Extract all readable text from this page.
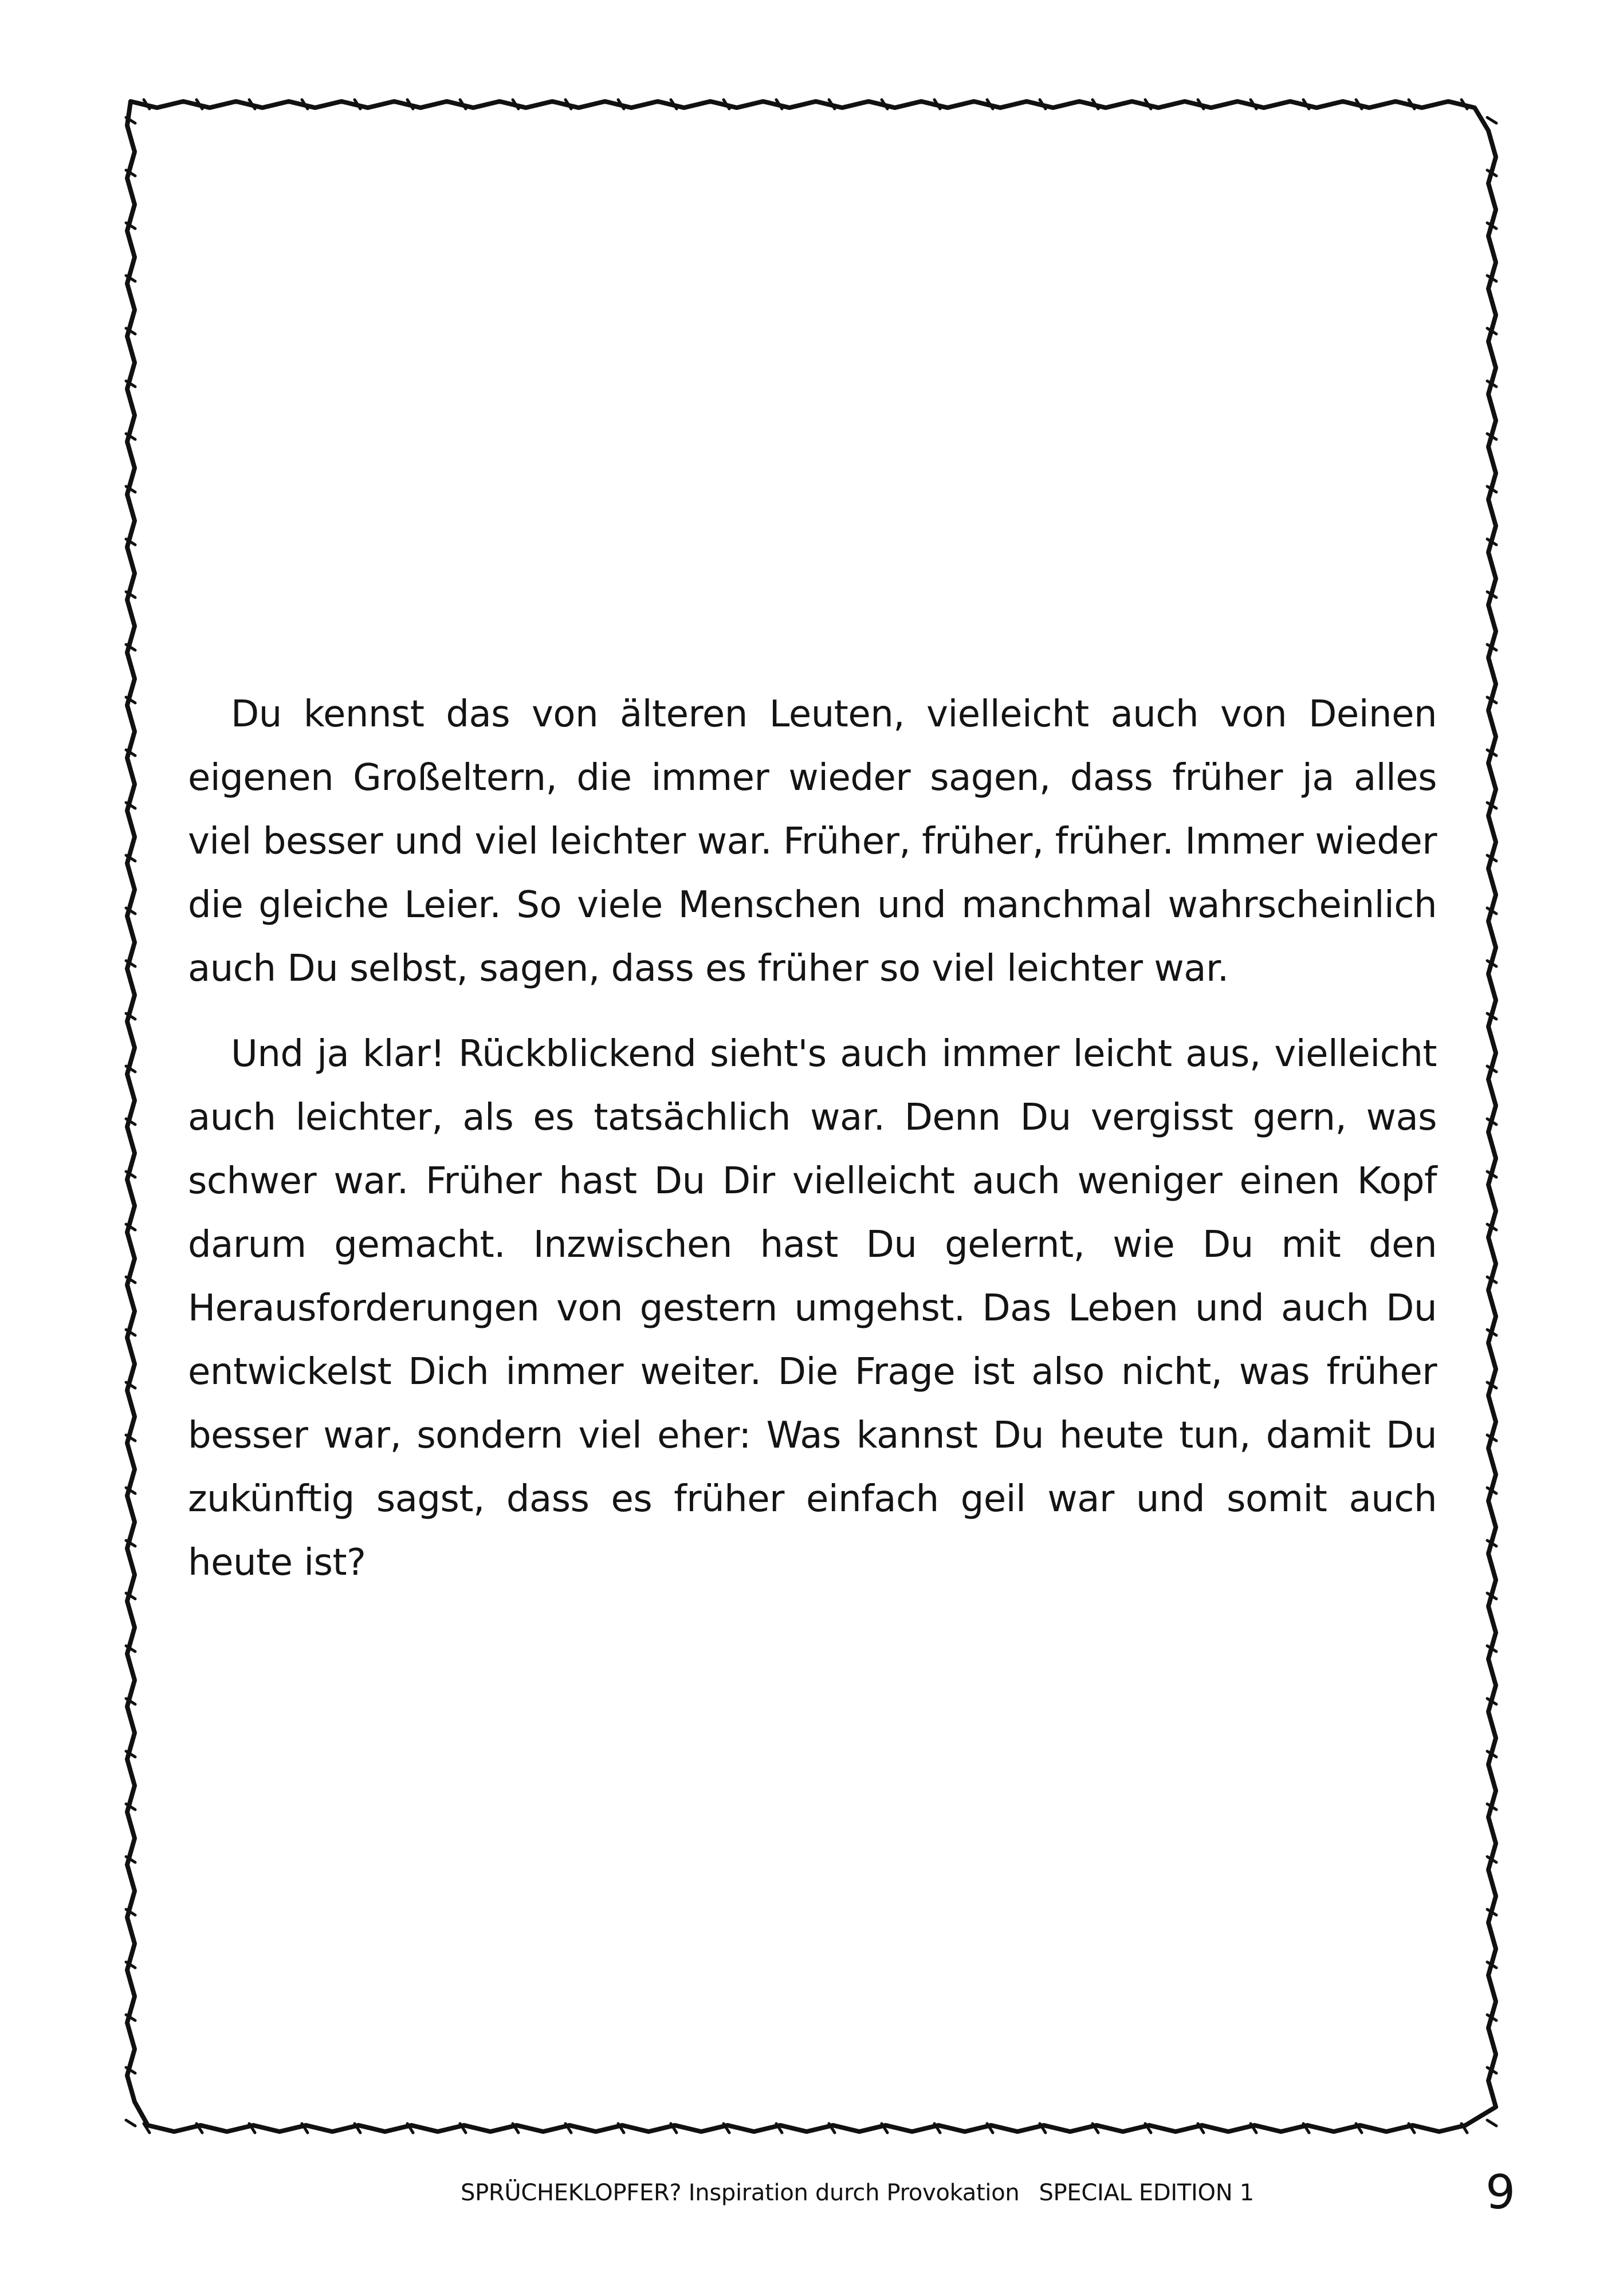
Du kennst das von älteren Leuten, vielleicht auch von Deinen eigenen Großeltern, die immer wieder sagen, dass früher ja alles viel besser und viel leichter war. Früher, früher, früher. Immer wieder die gleiche Leier. So viele Menschen und manchmal wahrscheinlich auch Du selbst, sagen, dass es früher so viel leichter war.

Und ja klar! Rückblickend sieht's auch immer leicht aus, vielleicht auch leichter, als es tatsächlich war. Denn Du vergisst gern, was schwer war. Früher hast Du Dir vielleicht auch weniger einen Kopf darum gemacht. Inzwischen hast Du gelernt, wie Du mit den Herausforderungen von gestern umgehst. Das Leben und auch Du entwickelst Dich immer weiter. Die Frage ist also nicht, was früher besser war, sondern viel eher: Was kannst Du heute tun, damit Du zukünftig sagst, dass es früher einfach geil war und somit auch heute ist?

SPRÜCHEKLOPFER? Inspiration durch Provokation SPECIAL EDITION 1	9
